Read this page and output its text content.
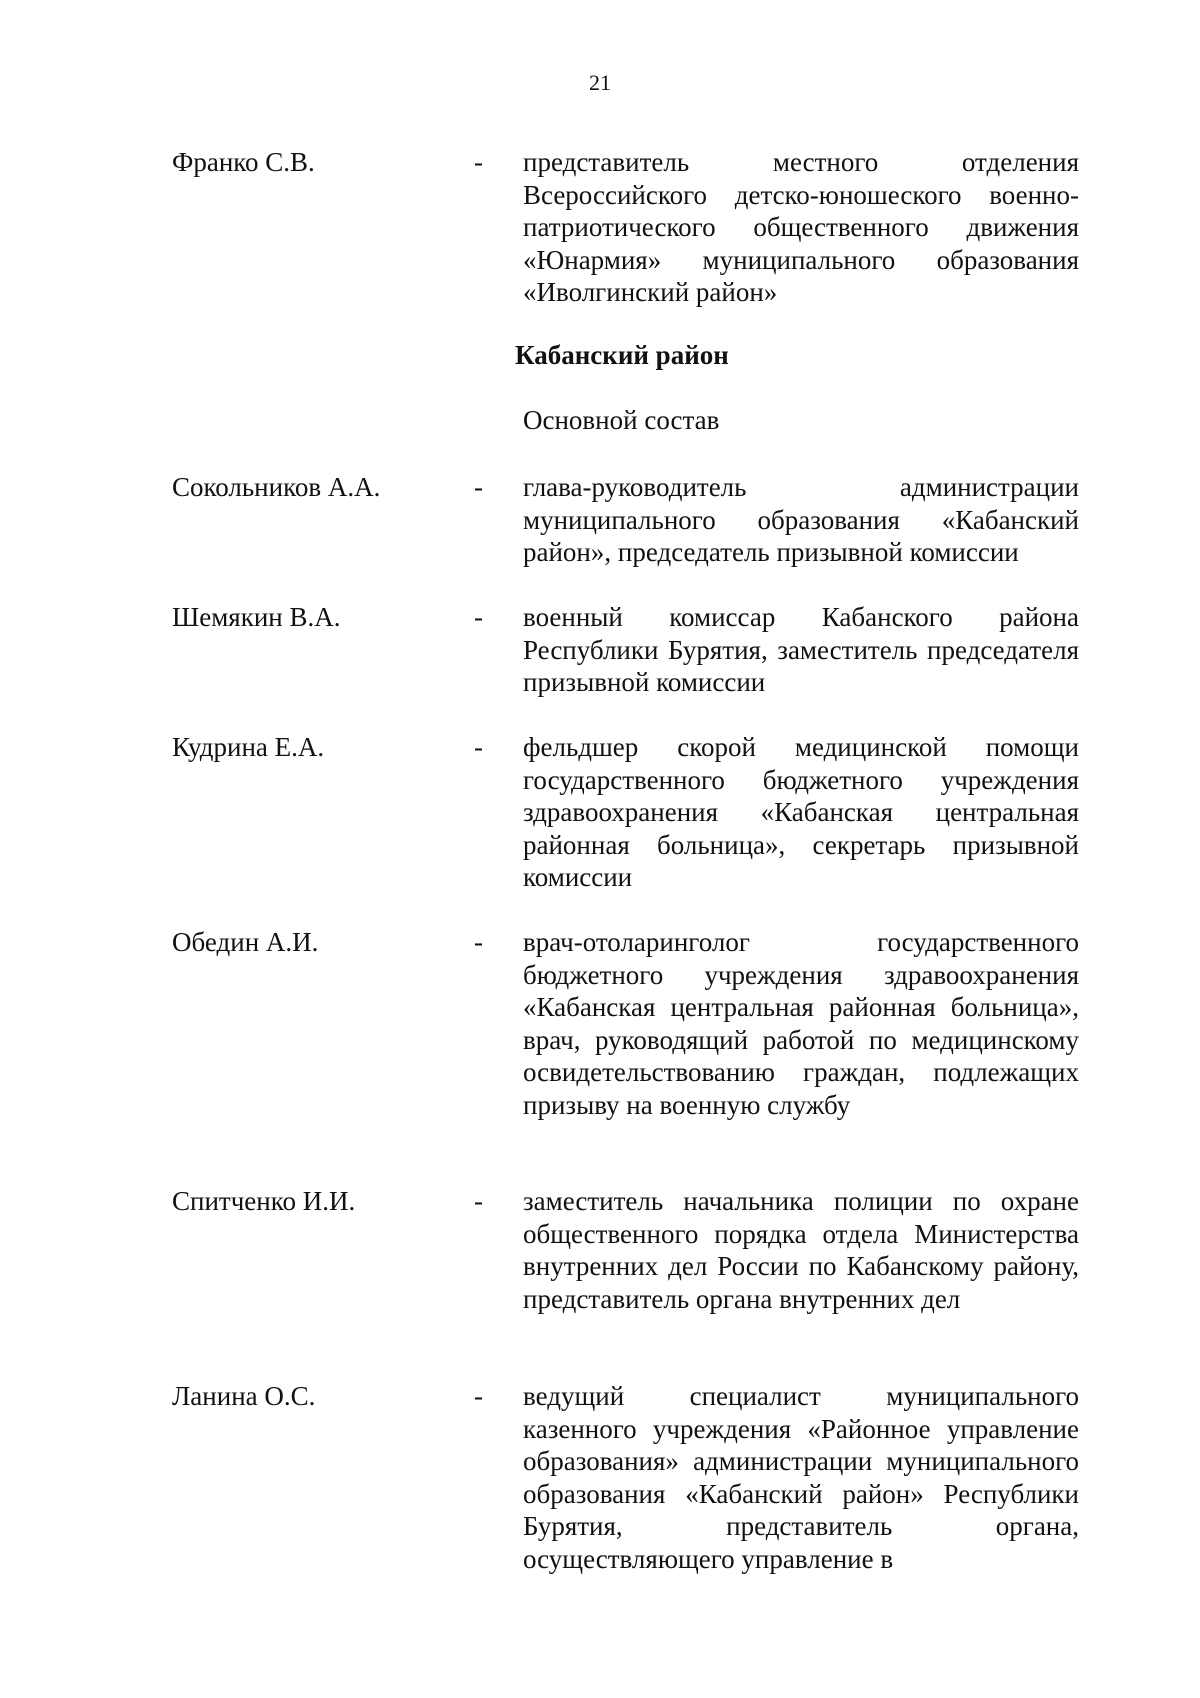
21
Франко С.В.	- представитель местного отделения Всероссийского детско-юношеского военно-патриотического общественного движения «Юнармия» муниципального образования «Иволгинский район»
Кабанский район
Основной состав
Сокольников А.А.	- глава-руководитель администрации муниципального образования «Кабанский район», председатель призывной комиссии
Шемякин В.А.	- военный комиссар Кабанского района Республики Бурятия, заместитель председателя призывной комиссии
Кудрина Е.А.	- фельдшер скорой медицинской помощи государственного бюджетного учреждения здравоохранения «Кабанская центральная районная больница», секретарь призывной комиссии
Обедин А.И.	- врач-отоларинголог государственного бюджетного учреждения здравоохранения «Кабанская центральная районная больница», врач, руководящий работой по медицинскому освидетельствованию граждан, подлежащих призыву на военную службу
Спитченко И.И.	- заместитель начальника полиции по охране общественного порядка отдела Министерства внутренних дел России по Кабанскому району, представитель органа внутренних дел
Ланина О.С.	- ведущий специалист муниципального казенного учреждения «Районное управление образования» администрации муниципального образования «Кабанский район» Республики Бурятия, представитель органа, осуществляющего управление в
